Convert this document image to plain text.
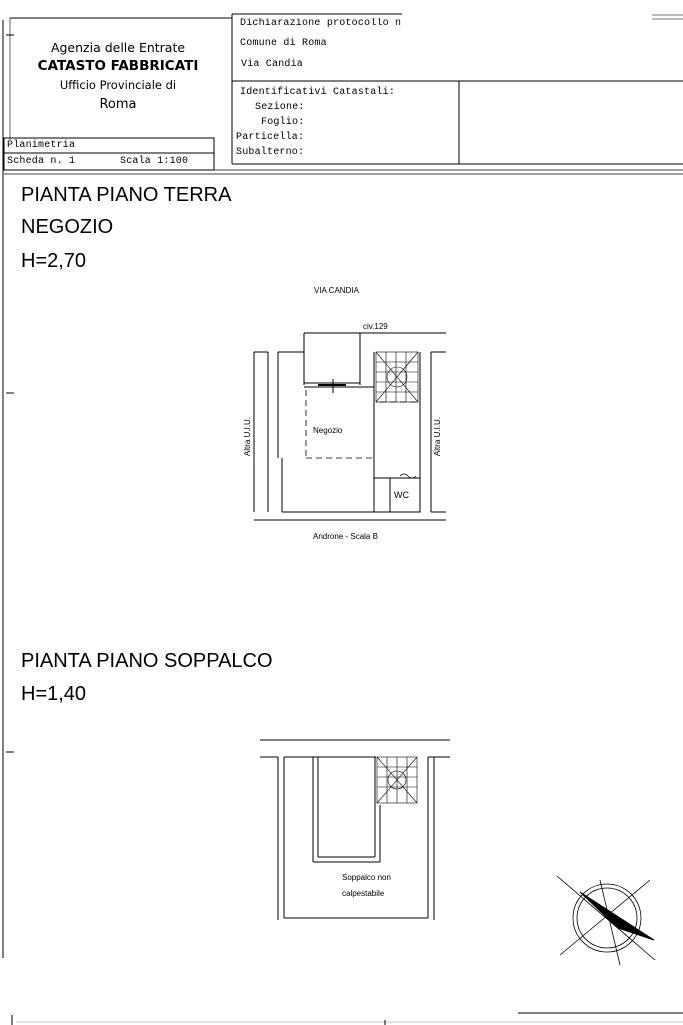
Agenzia delle Entrate
CATASTO FABBRICATI
Ufficio Provinciale di
Roma
Dichiarazione protocollo n
Comune di Roma
Via Candia
Identificativi Catastali:
Sezione:
Foglio:
Particella:
Subalterno:
Planimetria
Scheda n. 1	Scala 1:100
PIANTA PIANO TERRA
NEGOZIO
H=2,70
VIA CANDIA
civ.129
Negozio
WC
Altra U.I.U.	Altra U.I.U.
Androne - Scala B
PIANTA PIANO SOPPALCO
H=1,40
Soppalco non
calpestabile
